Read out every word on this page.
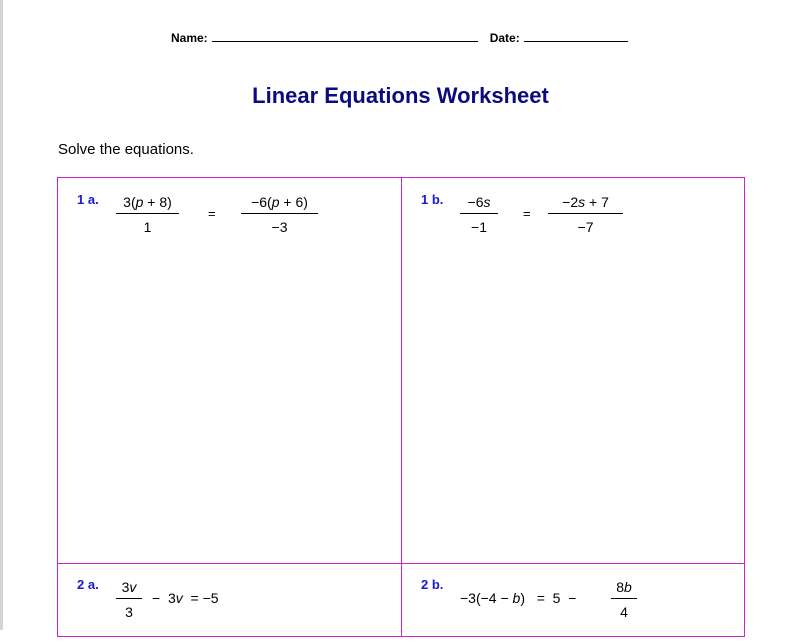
Name:	Date:
Linear Equations Worksheet
Solve the equations.
1 a. $\frac{3(p + 8)}{1} = \frac{-6(p + 6)}{-3}$	1 b. $\frac{-6s}{-1} = \frac{-2s + 7}{-7}$
2 a. $\frac{3v}{3} - 3v = -5$
2 b.
$-3(-4 - b) = 5 - \frac{8b}{4}$
